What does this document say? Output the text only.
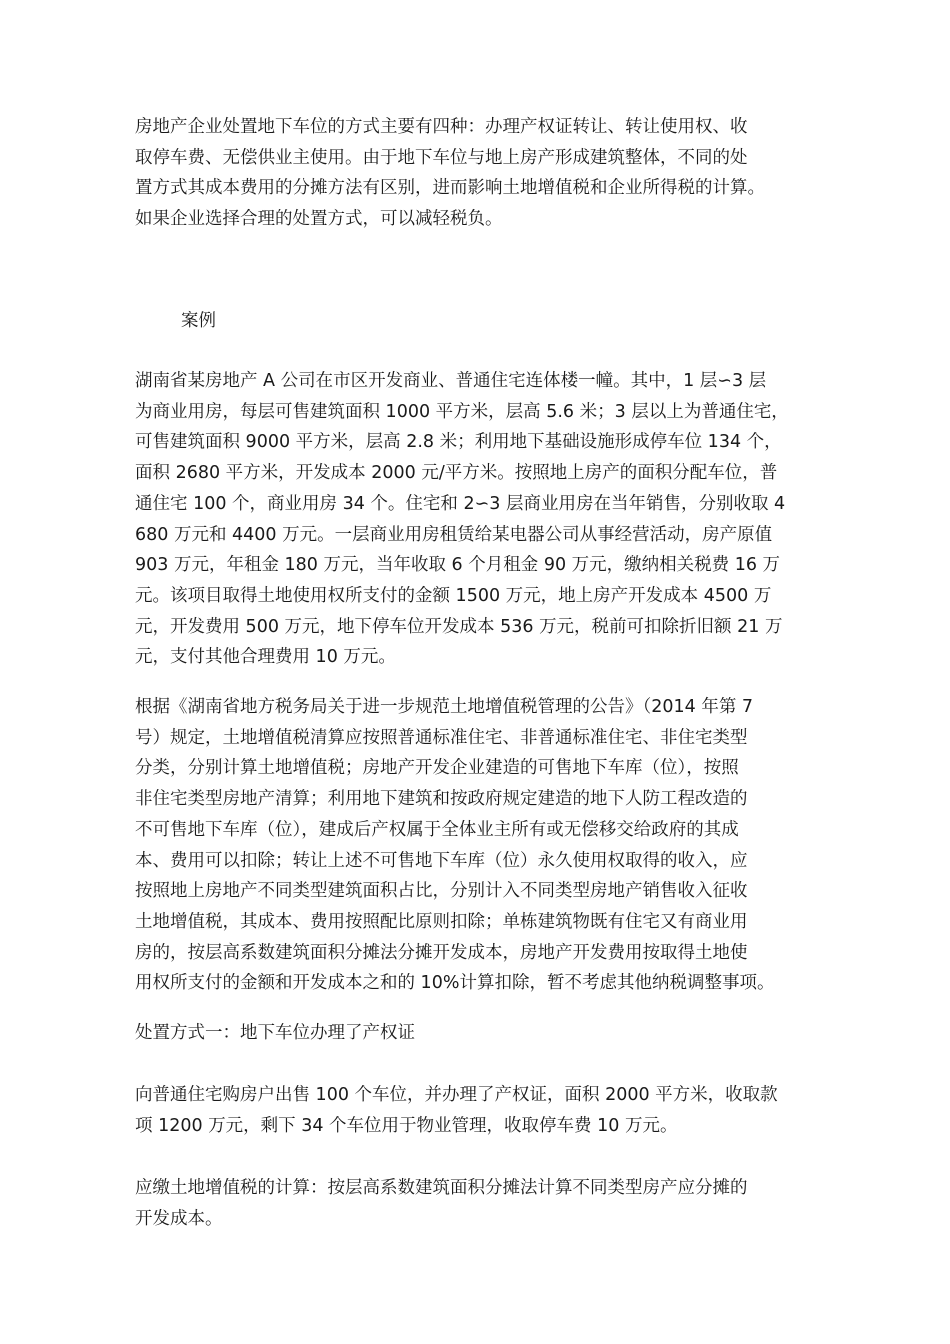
房地产企业处置地下车位的方式主要有四种：办理产权证转让、转让使用权、收
取停车费、无偿供业主使用。由于地下车位与地上房产形成建筑整体，不同的处
置方式其成本费用的分摊方法有区别，进而影响土地增值税和企业所得税的计算。
如果企业选择合理的处置方式，可以减轻税负。

案例

湖南省某房地产 A 公司在市区开发商业、普通住宅连体楼一幢。其中，1 层∽3 层
为商业用房，每层可售建筑面积 1000 平方米，层高 5.6 米；3 层以上为普通住宅，
可售建筑面积 9000 平方米，层高 2.8 米；利用地下基础设施形成停车位 134 个，
面积 2680 平方米，开发成本 2000 元/平方米。按照地上房产的面积分配车位，普
通住宅 100 个，商业用房 34 个。住宅和 2∽3 层商业用房在当年销售，分别收取 4
680 万元和 4400 万元。一层商业用房租赁给某电器公司从事经营活动，房产原值
903 万元，年租金 180 万元，当年收取 6 个月租金 90 万元，缴纳相关税费 16 万
元。该项目取得土地使用权所支付的金额 1500 万元，地上房产开发成本 4500 万
元，开发费用 500 万元，地下停车位开发成本 536 万元，税前可扣除折旧额 21 万
元，支付其他合理费用 10 万元。

根据《湖南省地方税务局关于进一步规范土地增值税管理的公告》（2014 年第 7
号）规定，土地增值税清算应按照普通标准住宅、非普通标准住宅、非住宅类型
分类，分别计算土地增值税；房地产开发企业建造的可售地下车库（位），按照
非住宅类型房地产清算；利用地下建筑和按政府规定建造的地下人防工程改造的
不可售地下车库（位），建成后产权属于全体业主所有或无偿移交给政府的其成
本、费用可以扣除；转让上述不可售地下车库（位）永久使用权取得的收入，应
按照地上房地产不同类型建筑面积占比，分别计入不同类型房地产销售收入征收
土地增值税，其成本、费用按照配比原则扣除；单栋建筑物既有住宅又有商业用
房的，按层高系数建筑面积分摊法分摊开发成本，房地产开发费用按取得土地使
用权所支付的金额和开发成本之和的 10%计算扣除，暂不考虑其他纳税调整事项。

处置方式一：地下车位办理了产权证

向普通住宅购房户出售 100 个车位，并办理了产权证，面积 2000 平方米，收取款
项 1200 万元，剩下 34 个车位用于物业管理，收取停车费 10 万元。

应缴土地增值税的计算：按层高系数建筑面积分摊法计算不同类型房产应分摊的
开发成本。
